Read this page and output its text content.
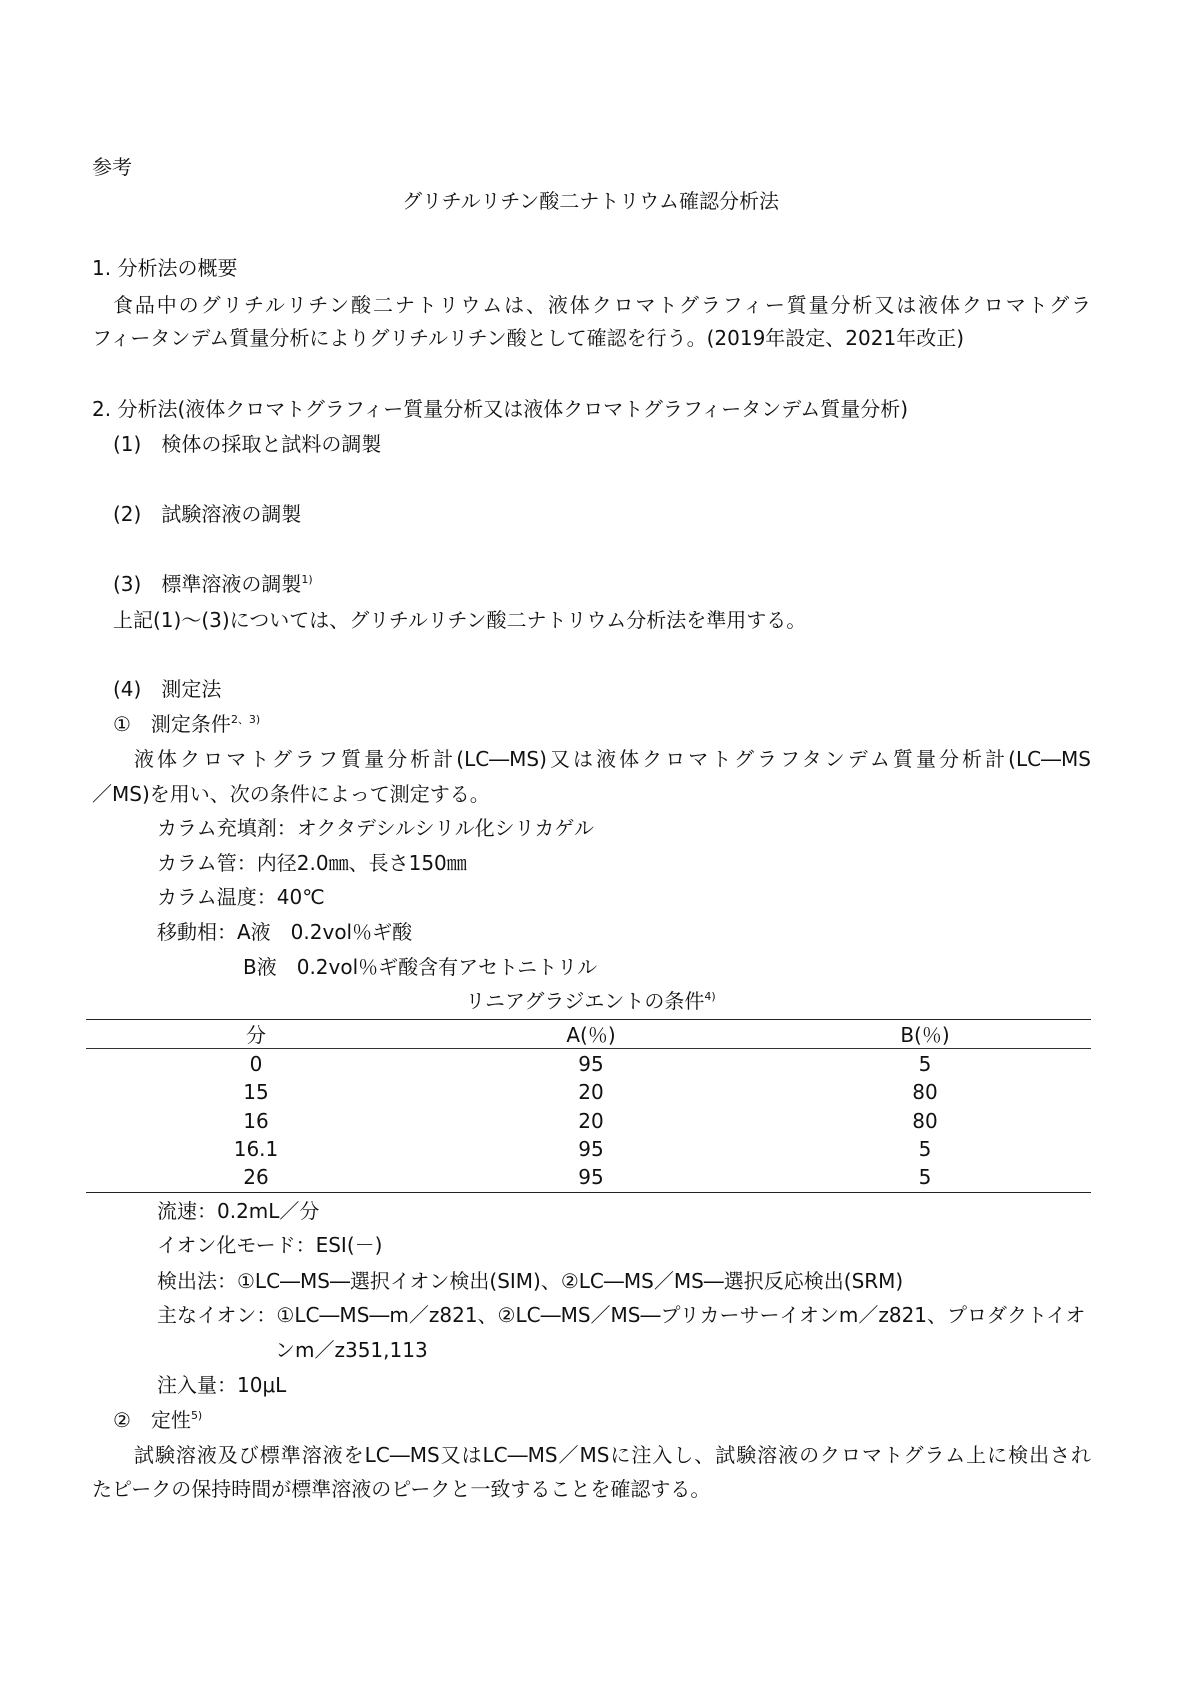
参考
グリチルリチン酸二ナトリウム確認分析法
1. 分析法の概要
食品中のグリチルリチン酸二ナトリウムは、液体クロマトグラフィー質量分析又は液体クロマトグラ
フィータンデム質量分析によりグリチルリチン酸として確認を行う。(2019年設定、2021年改正)
2. 分析法(液体クロマトグラフィー質量分析又は液体クロマトグラフィータンデム質量分析)
(1)　検体の採取と試料の調製
(2)　試験溶液の調製
(3)　標準溶液の調製$^{1)}$
上記(1)～(3)については、グリチルリチン酸二ナトリウム分析法を準用する。
(4)　測定法
①　測定条件$^{2、3)}$
液体クロマトグラフ質量分析計(LC―MS)又は液体クロマトグラフタンデム質量分析計(LC―MS
／MS)を用い、次の条件によって測定する。
カラム充填剤：オクタデシルシリル化シリカゲル
カラム管：内径2.0㎜、長さ150㎜
カラム温度：40℃
移動相：A液　0.2vol％ギ酸
B液　0.2vol％ギ酸含有アセトニトリル
リニアグラジエントの条件$^{4)}$
分	A(％)	B(％)
0	95	5
15	20	80
16	20	80
16.1	95	5
26	95	5
流速：0.2mL／分
イオン化モード：ESI(－)
検出法：①LC―MS―選択イオン検出(SIM)、②LC―MS／MS―選択反応検出(SRM)
主なイオン：①LC―MS―m／z821、②LC―MS／MS―プリカーサーイオンm／z821、プロダクトイオ
ンm／z351,113
注入量：10μL
②　定性$^{5)}$
試験溶液及び標準溶液をLC―MS又はLC―MS／MSに注入し、試験溶液のクロマトグラム上に検出され
たピークの保持時間が標準溶液のピークと一致することを確認する。
